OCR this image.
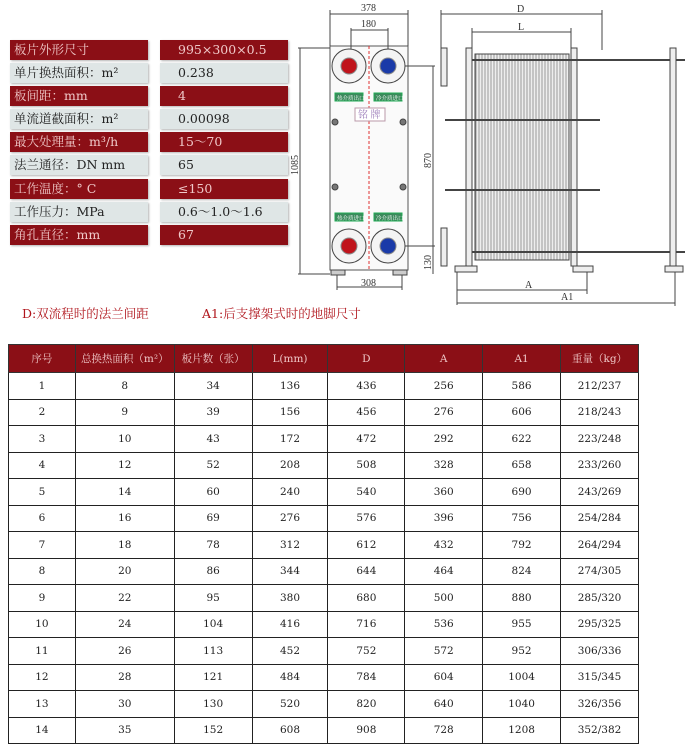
板片外形尺寸	995×300×0.5
单片换热面积：m²	0.238
板间距：mm	4
单流道截面积：m²	0.00098
最大处理量：m³/h	15～70
法兰通径：DN mm	65
工作温度：° C	≤150
工作压力：MPa	0.6～1.0～1.6
角孔直径：mm	67
378
180
1085	870
130
308
热介质出口 冷介质进口
热介质进口 冷介质出口
铭 牌
D
L
A
A1
D:双流程时的法兰间距	A1:后支撑架式时的地脚尺寸
序号	总换热面积（m²）	板片数（张）	L(mm)	D	A	A1	重量（kg）
1	8	34	136	436	256	586	212/237
2	9	39	156	456	276	606	218/243
3	10	43	172	472	292	622	223/248
4	12	52	208	508	328	658	233/260
5	14	60	240	540	360	690	243/269
6	16	69	276	576	396	756	254/284
7	18	78	312	612	432	792	264/294
8	20	86	344	644	464	824	274/305
9	22	95	380	680	500	880	285/320
10	24	104	416	716	536	955	295/325
11	26	113	452	752	572	952	306/336
12	28	121	484	784	604	1004	315/345
13	30	130	520	820	640	1040	326/356
14	35	152	608	908	728	1208	352/382
